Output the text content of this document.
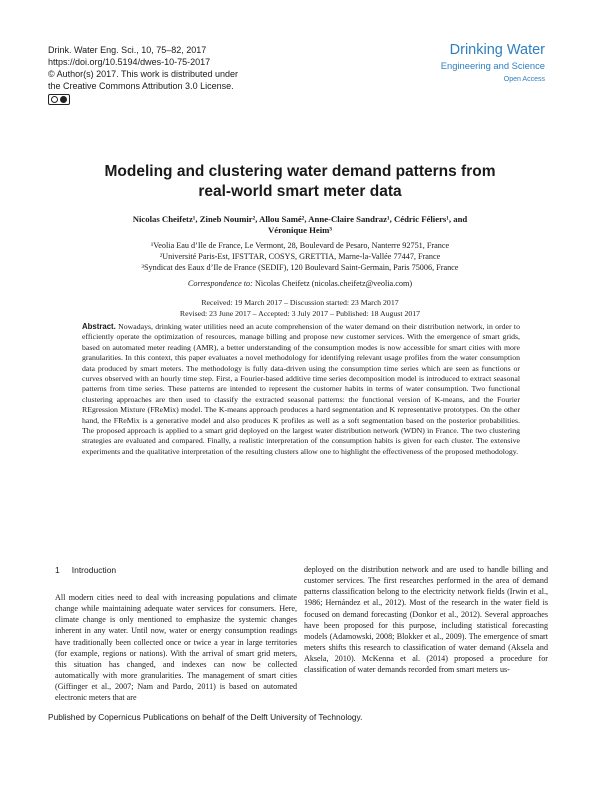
Drink. Water Eng. Sci., 10, 75–82, 2017
https://doi.org/10.5194/dwes-10-75-2017
© Author(s) 2017. This work is distributed under
the Creative Commons Attribution 3.0 License.
Drinking Water
Engineering and Science
Open Access
Modeling and clustering water demand patterns from
real-world smart meter data
Nicolas Cheifetz¹, Zineb Noumir², Allou Samé², Anne-Claire Sandraz¹, Cédric Féliers¹, and
Véronique Heim³
¹Veolia Eau d’Ile de France, Le Vermont, 28, Boulevard de Pesaro, Nanterre 92751, France
²Université Paris-Est, IFSTTAR, COSYS, GRETTIA, Marne-la-Vallée 77447, France
³Syndicat des Eaux d’Ile de France (SEDIF), 120 Boulevard Saint-Germain, Paris 75006, France
Correspondence to: Nicolas Cheifetz (nicolas.cheifetz@veolia.com)
Received: 19 March 2017 – Discussion started: 23 March 2017
Revised: 23 June 2017 – Accepted: 3 July 2017 – Published: 18 August 2017
Abstract. Nowadays, drinking water utilities need an acute comprehension of the water demand on their distribution network, in order to efficiently operate the optimization of resources, manage billing and propose new customer services. With the emergence of smart grids, based on automated meter reading (AMR), a better understanding of the consumption modes is now accessible for smart cities with more granularities. In this context, this paper evaluates a novel methodology for identifying relevant usage profiles from the water consumption data produced by smart meters. The methodology is fully data-driven using the consumption time series which are seen as functions or curves observed with an hourly time step. First, a Fourier-based additive time series decomposition model is introduced to extract seasonal patterns from time series. These patterns are intended to represent the customer habits in terms of water consumption. Two functional clustering approaches are then used to classify the extracted seasonal patterns: the functional version of K-means, and the Fourier REgression Mixture (FReMix) model. The K-means approach produces a hard segmentation and K representative prototypes. On the other hand, the FReMix is a generative model and also produces K profiles as well as a soft segmentation based on the posterior probabilities. The proposed approach is applied to a smart grid deployed on the largest water distribution network (WDN) in France. The two clustering strategies are evaluated and compared. Finally, a realistic interpretation of the consumption habits is given for each cluster. The extensive experiments and the qualitative interpretation of the resulting clusters allow one to highlight the effectiveness of the proposed methodology.
1 Introduction
All modern cities need to deal with increasing populations and climate change while maintaining adequate water services for consumers. Here, climate change is only mentioned to emphasize the systemic changes inherent in any water. Until now, water or energy consumption readings have traditionally been collected once or twice a year in large territories (for example, regions or nations). With the arrival of smart grid meters, this situation has changed, and indexes can now be collected automatically with more granularities. The management of smart cities (Giffinger et al., 2007; Nam and Pardo, 2011) is based on automated electronic meters that are
deployed on the distribution network and are used to handle billing and customer services. The first researches performed in the area of demand patterns classification belong to the electricity network fields (Irwin et al., 1986; Hernández et al., 2012). Most of the research in the water field is focused on demand forecasting (Donkor et al., 2012). Several approaches have been proposed for this purpose, including statistical forecasting models (Adamowski, 2008; Blokker et al., 2009). The emergence of smart meters shifts this research to classification of water demand (Aksela and Aksela, 2010). McKenna et al. (2014) proposed a procedure for classification of water demands recorded from smart meters us-
Published by Copernicus Publications on behalf of the Delft University of Technology.
